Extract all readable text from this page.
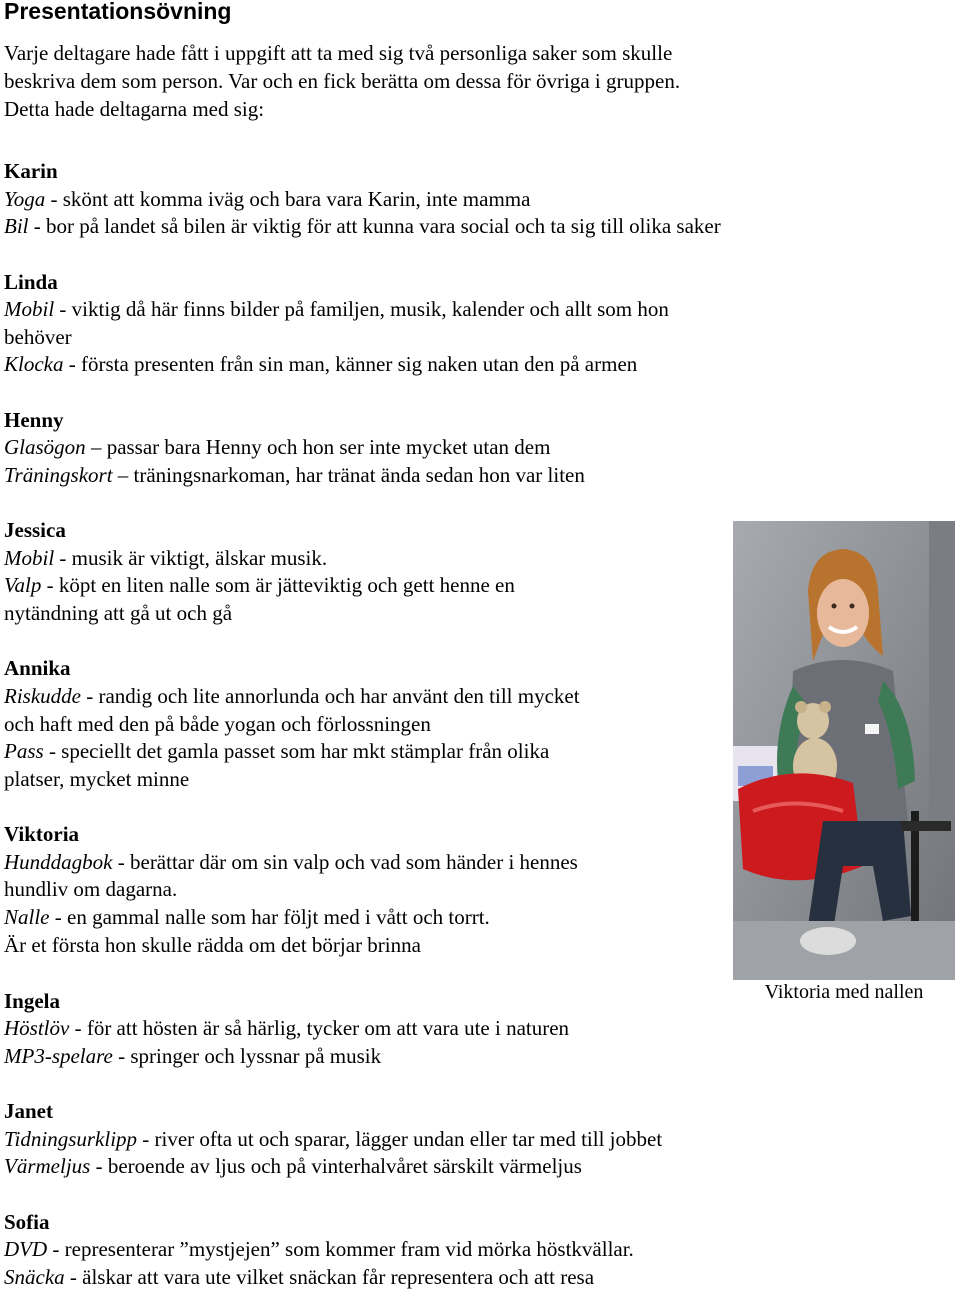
Presentationsövning
Varje deltagare hade fått i uppgift att ta med sig två personliga saker som skulle
beskriva dem som person. Var och en fick berätta om dessa för övriga i gruppen.
Detta hade deltagarna med sig:
Karin
Yoga - skönt att komma iväg och bara vara Karin, inte mamma
Bil - bor på landet så bilen är viktig för att kunna vara social och ta sig till olika saker
Linda
Mobil - viktig då här finns bilder på familjen, musik, kalender och allt som hon
behöver
Klocka - första presenten från sin man, känner sig naken utan den på armen
Henny
Glasögon – passar bara Henny och hon ser inte mycket utan dem
Träningskort – träningsnarkoman, har tränat ända sedan hon var liten
Jessica
Mobil - musik är viktigt, älskar musik.
Valp - köpt en liten nalle som är jätteviktig och gett henne en
nytändning att gå ut och gå
Annika
Riskudde - randig och lite annorlunda och har använt den till mycket
och haft med den på både yogan och förlossningen
Pass - speciellt det gamla passet som har mkt stämplar från olika
platser, mycket minne
Viktoria
Hunddagbok - berättar där om sin valp och vad som händer i hennes
hundliv om dagarna.
Nalle - en gammal nalle som har följt med i vått och torrt.
Är et första hon skulle rädda om det börjar brinna
Ingela
Höstlöv - för att hösten är så härlig, tycker om att vara ute i naturen
MP3-spelare - springer och lyssnar på musik
Janet
Tidningsurklipp - river ofta ut och sparar, lägger undan eller tar med till jobbet
Värmeljus - beroende av ljus och på vinterhalvåret särskilt värmeljus
Sofia
DVD - representerar ”mystjejen” som kommer fram vid mörka höstkvällar.
Snäcka - älskar att vara ute vilket snäckan får representera och att resa
Viktoria med nallen
